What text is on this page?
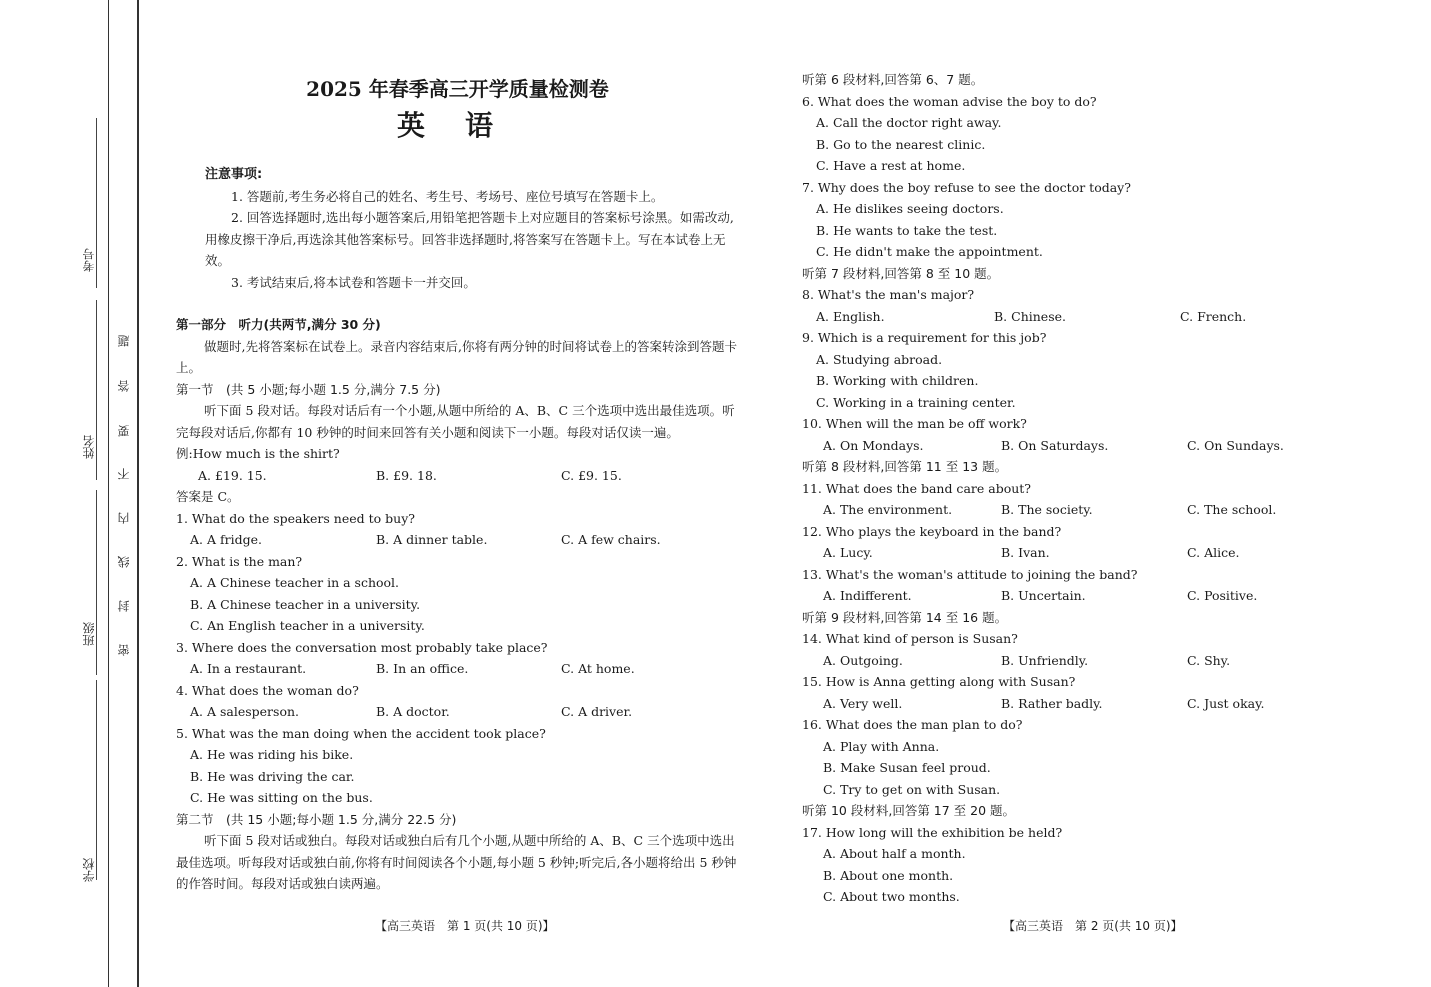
考号
姓名
班级
学校
题
答
要
不
内
线
封
密
2025 年春季高三开学质量检测卷
英语

注意事项:

1. 答题前,考生务必将自己的姓名、考生号、考场号、座位号填写在答题卡上。

2. 回答选择题时,选出每小题答案后,用铅笔把答题卡上对应题目的答案标号涂黑。如需改动,用橡皮擦干净后,再选涂其他答案标号。回答非选择题时,将答案写在答题卡上。写在本试卷上无效。

3. 考试结束后,将本试卷和答题卡一并交回。

第一部分　听力(共两节,满分 30 分)

做题时,先将答案标在试卷上。录音内容结束后,你将有两分钟的时间将试卷上的答案转涂到答题卡上。

第一节　(共 5 小题;每小题 1.5 分,满分 7.5 分)

听下面 5 段对话。每段对话后有一个小题,从题中所给的 A、B、C 三个选项中选出最佳选项。听完每段对话后,你都有 10 秒钟的时间来回答有关小题和阅读下一小题。每段对话仅读一遍。

例:How much is the shirt?

A. £19. 15.	B. £9. 18.	C. £9. 15.

答案是 C。

1. What do the speakers need to buy?

A. A fridge.	B. A dinner table.	C. A few chairs.

2. What is the man?

A. A Chinese teacher in a school.

B. A Chinese teacher in a university.

C. An English teacher in a university.

3. Where does the conversation most probably take place?

A. In a restaurant.	B. In an office.	C. At home.

4. What does the woman do?

A. A salesperson.	B. A doctor.	C. A driver.

5. What was the man doing when the accident took place?

A. He was riding his bike.

B. He was driving the car.

C. He was sitting on the bus.

第二节　(共 15 小题;每小题 1.5 分,满分 22.5 分)

听下面 5 段对话或独白。每段对话或独白后有几个小题,从题中所给的 A、B、C 三个选项中选出最佳选项。听每段对话或独白前,你将有时间阅读各个小题,每小题 5 秒钟;听完后,各小题将给出 5 秒钟的作答时间。每段对话或独白读两遍。

听第 6 段材料,回答第 6、7 题。

6. What does the woman advise the boy to do?

A. Call the doctor right away.

B. Go to the nearest clinic.

C. Have a rest at home.

7. Why does the boy refuse to see the doctor today?

A. He dislikes seeing doctors.

B. He wants to take the test.

C. He didn't make the appointment.

听第 7 段材料,回答第 8 至 10 题。

8. What's the man's major?

A. English.	B. Chinese.	C. French.

9. Which is a requirement for this job?

A. Studying abroad.

B. Working with children.

C. Working in a training center.

10. When will the man be off work?

A. On Mondays.	B. On Saturdays.	C. On Sundays.

听第 8 段材料,回答第 11 至 13 题。

11. What does the band care about?

A. The environment.	B. The society.	C. The school.

12. Who plays the keyboard in the band?

A. Lucy.	B. Ivan.	C. Alice.

13. What's the woman's attitude to joining the band?

A. Indifferent.	B. Uncertain.	C. Positive.

听第 9 段材料,回答第 14 至 16 题。

14. What kind of person is Susan?

A. Outgoing.	B. Unfriendly.	C. Shy.

15. How is Anna getting along with Susan?

A. Very well.	B. Rather badly.	C. Just okay.

16. What does the man plan to do?

A. Play with Anna.

B. Make Susan feel proud.

C. Try to get on with Susan.

听第 10 段材料,回答第 17 至 20 题。

17. How long will the exhibition be held?

A. About half a month.

B. About one month.

C. About two months.

【高三英语　第 1 页(共 10 页)】	【高三英语　第 2 页(共 10 页)】
